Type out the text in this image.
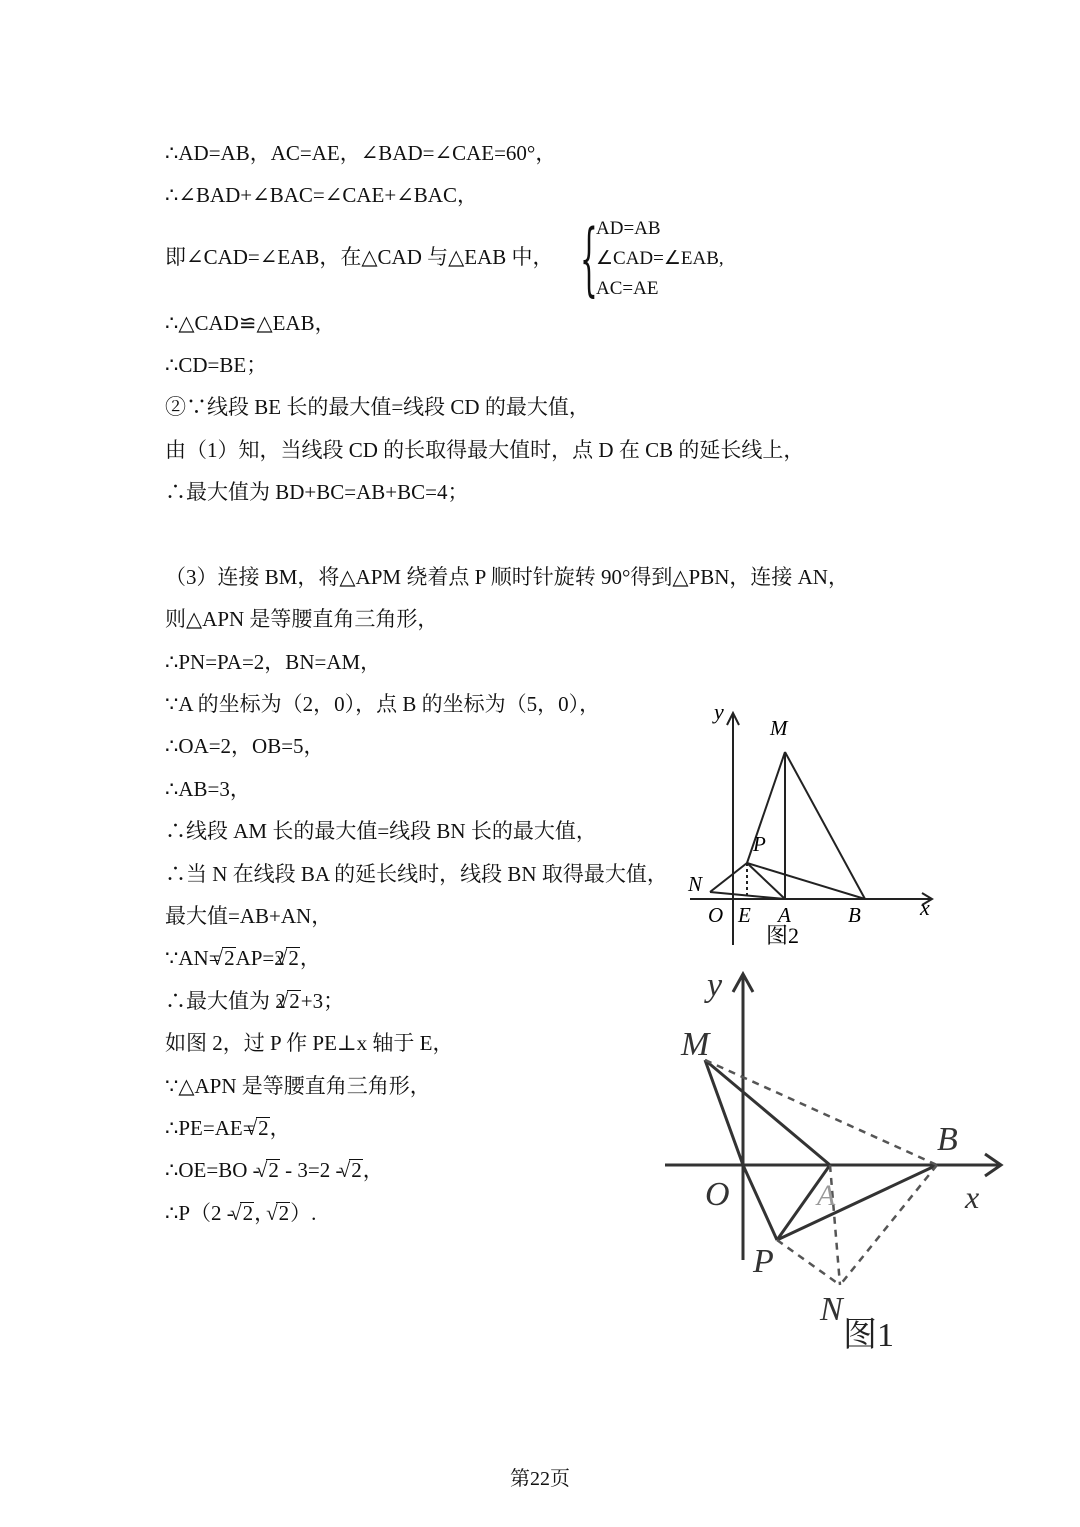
∴AD=AB，AC=AE，∠BAD=∠CAE=60°，
∴∠BAD+∠BAC=∠CAE+∠BAC，
即∠CAD=∠EAB，在△CAD 与△EAB 中， {
AD=AB
∠CAD=∠EAB,
AC=AE
∴△CAD≌△EAB，
∴CD=BE；
②∵线段 BE 长的最大值=线段 CD 的最大值，
由（1）知，当线段 CD 的长取得最大值时，点 D 在 CB 的延长线上，
∴最大值为 BD+BC=AB+BC=4；
（3）连接 BM，将△APM 绕着点 P 顺时针旋转 90°得到△PBN，连接 AN，
则△APN 是等腰直角三角形，
∴PN=PA=2，BN=AM，
∵A 的坐标为（2，0），点 B 的坐标为（5，0），
∴OA=2，OB=5，
∴AB=3，
∴线段 AM 长的最大值=线段 BN 长的最大值，
∴当 N 在线段 BA 的延长线时，线段 BN 取得最大值，
最大值=AB+AN，
∵AN= √ 2AP=2 √ 2，
∴最大值为 2 √ 2+3；
如图 2，过 P 作 PE⊥x 轴于 E，
∵△APN 是等腰直角三角形，
∴PE=AE= √ 2，
∴OE=BO - √ 2 - 3=2 - √ 2，
∴P（2 - √ 2， √ 2）.
y
M
P
N
O E A	B	x
图2
y
M
B
O	A	x
P
N
图1
第22页
